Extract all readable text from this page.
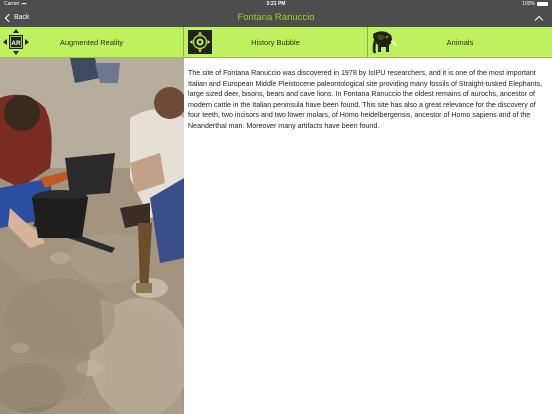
Carrier	3:21 PM	100%
Back	Fontana Ranuccio
AR	Augmented Reality	History Bubble	Animals
The site of Fontana Ranuccio was discovered in 1978 by IsIPU researchers, and it is one of the most important Italian and European Middle Pleistocene paleontological site providing many fossils of Straight-tusked Elephants, large sized deer, bisons, bears and cave lions. In Fontana Ranuccio the oldest remains of aurochs, ancestor of modern cattle in the Italian peninsula have been found. This site has also a great relevance for the discovery of four teeth, two incisors and two lower molars, of Homo heidelbergensis, ancestor of Homo sapiens and of the Neanderthal man. Moreover many artifacts have been found.
